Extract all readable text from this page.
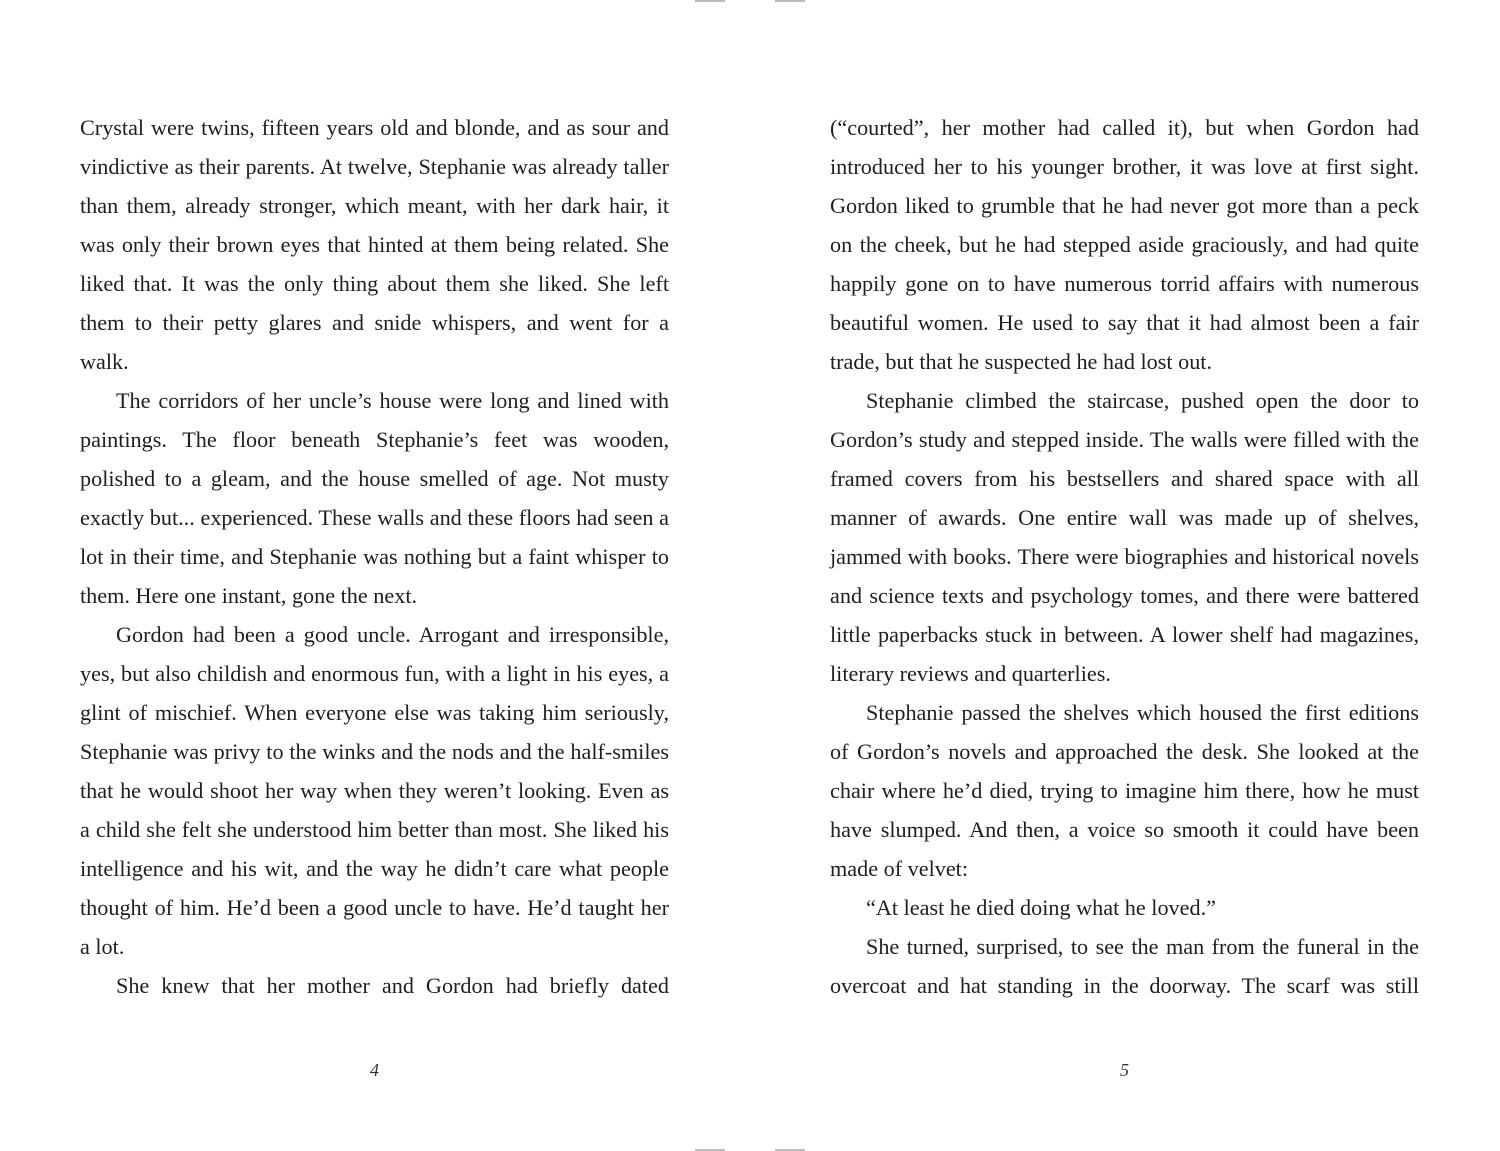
Crystal were twins, fifteen years old and blonde, and as sour and vindictive as their parents. At twelve, Stephanie was already taller than them, already stronger, which meant, with her dark hair, it was only their brown eyes that hinted at them being related. She liked that. It was the only thing about them she liked. She left them to their petty glares and snide whispers, and went for a walk.

The corridors of her uncle’s house were long and lined with paintings. The floor beneath Stephanie’s feet was wooden, polished to a gleam, and the house smelled of age. Not musty exactly but... experienced. These walls and these floors had seen a lot in their time, and Stephanie was nothing but a faint whisper to them. Here one instant, gone the next.

Gordon had been a good uncle. Arrogant and irresponsible, yes, but also childish and enormous fun, with a light in his eyes, a glint of mischief. When everyone else was taking him seriously, Stephanie was privy to the winks and the nods and the half-smiles that he would shoot her way when they weren’t looking. Even as a child she felt she understood him better than most. She liked his intelligence and his wit, and the way he didn’t care what people thought of him. He’d been a good uncle to have. He’d taught her a lot.

She knew that her mother and Gordon had briefly dated

(“courted”, her mother had called it), but when Gordon had introduced her to his younger brother, it was love at first sight. Gordon liked to grumble that he had never got more than a peck on the cheek, but he had stepped aside graciously, and had quite happily gone on to have numerous torrid affairs with numerous beautiful women. He used to say that it had almost been a fair trade, but that he suspected he had lost out.

Stephanie climbed the staircase, pushed open the door to Gordon’s study and stepped inside. The walls were filled with the framed covers from his bestsellers and shared space with all manner of awards. One entire wall was made up of shelves, jammed with books. There were biographies and historical novels and science texts and psychology tomes, and there were battered little paperbacks stuck in between. A lower shelf had magazines, literary reviews and quarterlies.

Stephanie passed the shelves which housed the first editions of Gordon’s novels and approached the desk. She looked at the chair where he’d died, trying to imagine him there, how he must have slumped. And then, a voice so smooth it could have been made of velvet:

“At least he died doing what he loved.”

She turned, surprised, to see the man from the funeral in the overcoat and hat standing in the doorway. The scarf was still

4	5
